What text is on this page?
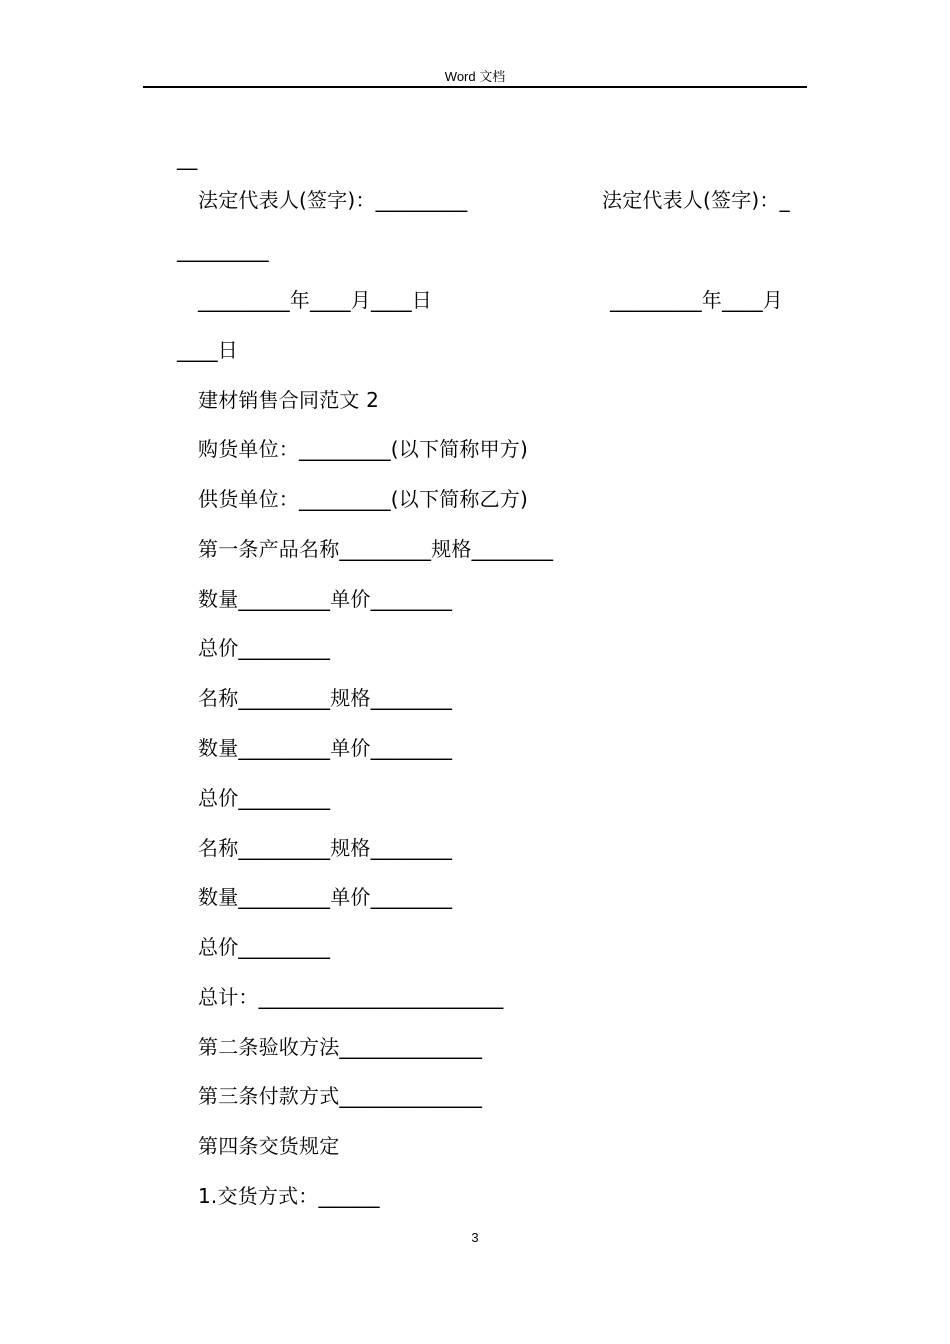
Word 文档
__
法定代表人(签字)：_________	法定代表人(签字)：_
_________
_________年____月____日	_________年____月
____日
建材销售合同范文 2
购货单位：_________(以下简称甲方)
供货单位：_________(以下简称乙方)
第一条产品名称_________规格________
数量_________单价________
总价_________
名称_________规格________
数量_________单价________
总价_________
名称_________规格________
数量_________单价________
总价_________
总计：________________________
第二条验收方法______________
第三条付款方式______________
第四条交货规定
1.交货方式：______
3
